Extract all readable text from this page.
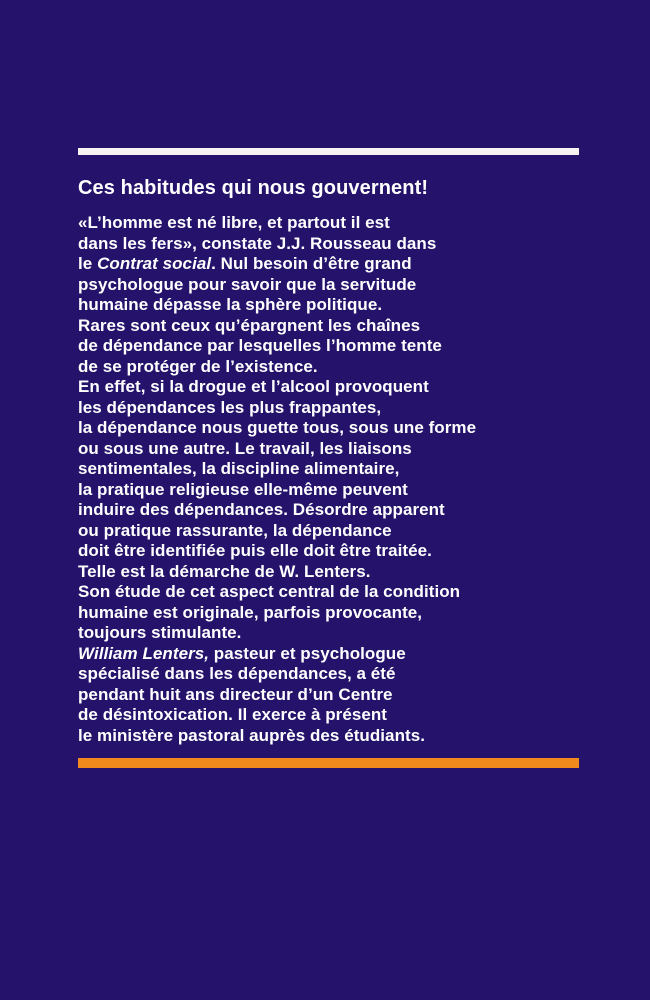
Ces habitudes qui nous gouvernent!
«L’homme est né libre, et partout il est
dans les fers», constate J.J. Rousseau dans
le Contrat social. Nul besoin d’être grand
psychologue pour savoir que la servitude
humaine dépasse la sphère politique.
Rares sont ceux qu’épargnent les chaînes
de dépendance par lesquelles l’homme tente
de se protéger de l’existence.
En effet, si la drogue et l’alcool provoquent
les dépendances les plus frappantes,
la dépendance nous guette tous, sous une forme
ou sous une autre. Le travail, les liaisons
sentimentales, la discipline alimentaire,
la pratique religieuse elle-même peuvent
induire des dépendances. Désordre apparent
ou pratique rassurante, la dépendance
doit être identifiée puis elle doit être traitée.
Telle est la démarche de W. Lenters.
Son étude de cet aspect central de la condition
humaine est originale, parfois provocante,
toujours stimulante.
William Lenters, pasteur et psychologue
spécialisé dans les dépendances, a été
pendant huit ans directeur d’un Centre
de désintoxication. Il exerce à présent
le ministère pastoral auprès des étudiants.
